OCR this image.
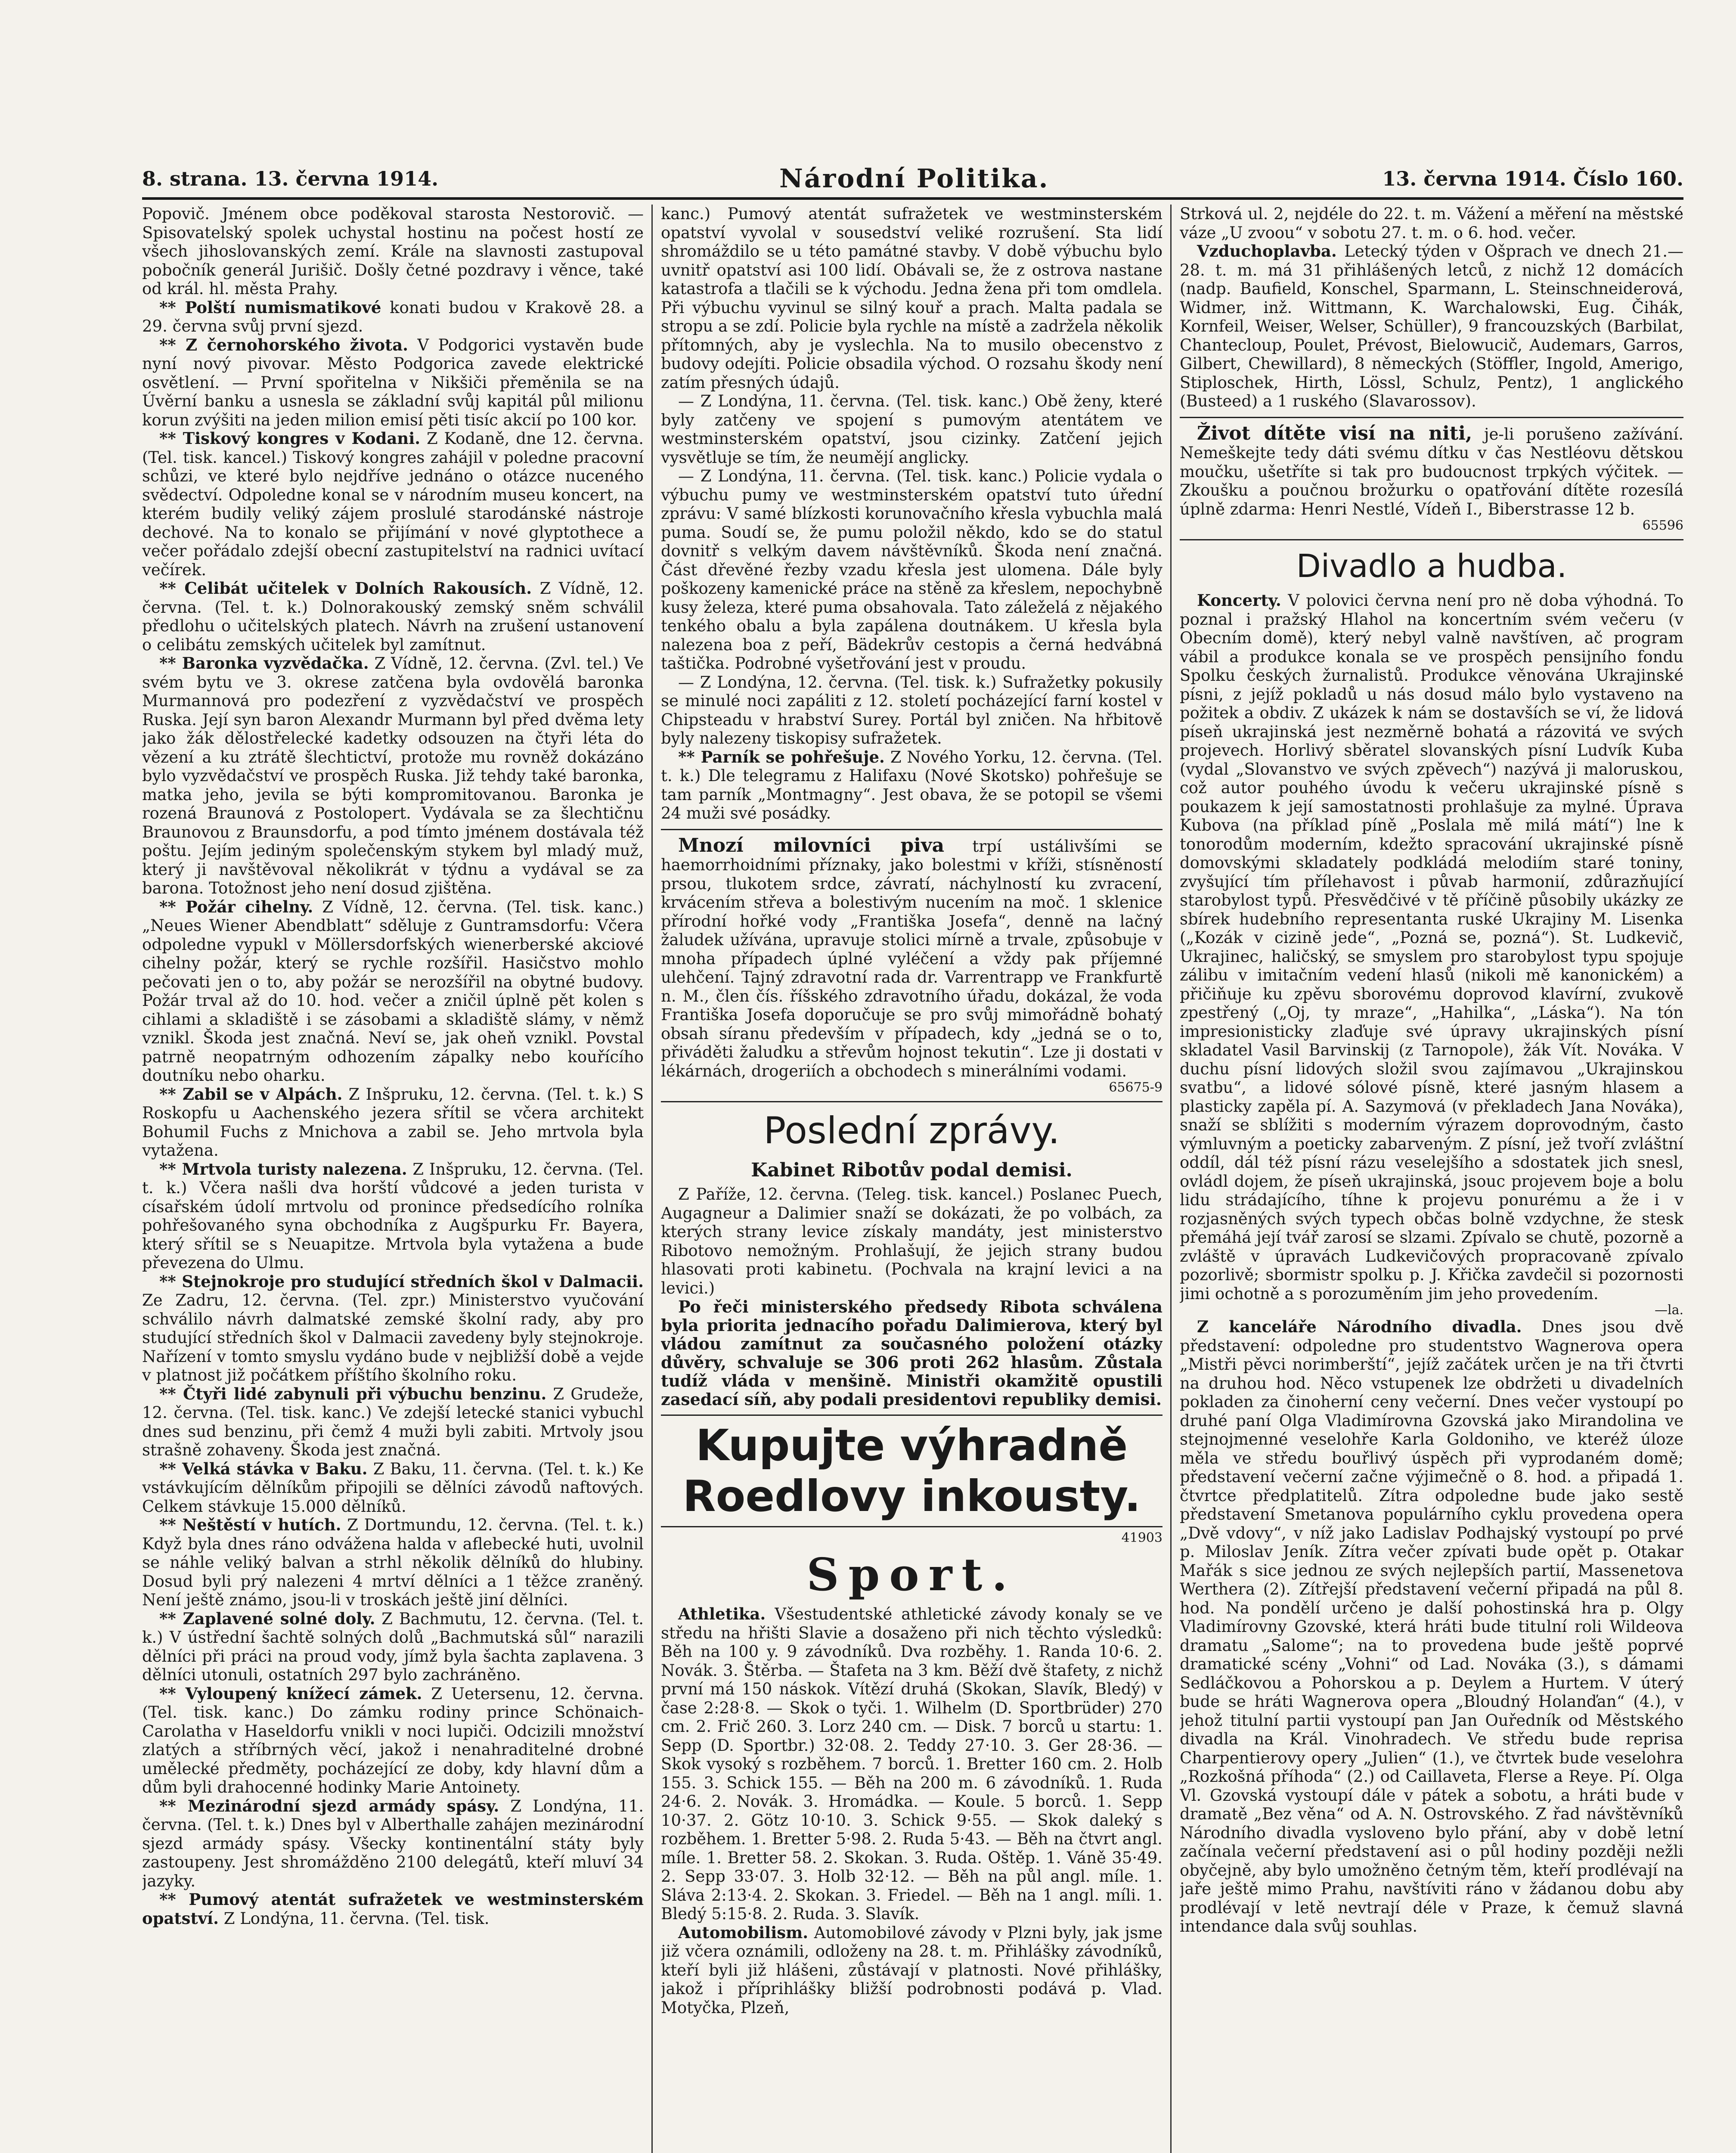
8. strana. 13. června 1914.	Národní Politika.	13. června 1914. Číslo 160.

Popovič. Jménem obce poděkoval starosta Nestorovič. — Spisovatelský spolek uchystal hostinu na počest hostí ze všech jihoslovanských zemí. Krále na slavnosti zastupoval pobočník generál Jurišič. Došly četné pozdravy i věnce, také od král. hl. města Prahy.

** Polští numismatikové konati budou v Krakově 28. a 29. června svůj první sjezd.

** Z černohorského života. V Podgorici vystavěn bude nyní nový pivovar. Město Podgorica zavede elektrické osvětlení. — První spořitelna v Nikšiči přeměnila se na Úvěrní banku a usnesla se základní svůj kapitál půl milionu korun zvýšiti na jeden milion emisí pěti tisíc akcií po 100 kor.

** Tiskový kongres v Kodani. Z Kodaně, dne 12. června. (Tel. tisk. kancel.) Tiskový kongres zahájil v poledne pracovní schůzi, ve které bylo nejdříve jednáno o otázce nuceného svědectví. Odpoledne konal se v národním museu koncert, na kterém budily veliký zájem proslulé starodánské nástroje dechové. Na to konalo se přijímání v nové glyptothece a večer pořádalo zdejší obecní zastupitelství na radnici uvítací večírek.

** Celibát učitelek v Dolních Rakousích. Z Vídně, 12. června. (Tel. t. k.) Dolnorakouský zemský sněm schválil předlohu o učitelských platech. Návrh na zrušení ustanovení o celibátu zemských učitelek byl zamítnut.

** Baronka vyzvědačka. Z Vídně, 12. června. (Zvl. tel.) Ve svém bytu ve 3. okrese zatčena byla ovdovělá baronka Murmannová pro podezření z vyzvědačství ve prospěch Ruska. Její syn baron Alexandr Murmann byl před dvěma lety jako žák dělostřelecké kadetky odsouzen na čtyři léta do vězení a ku ztrátě šlechtictví, protože mu rovněž dokázáno bylo vyzvědačství ve prospěch Ruska. Již tehdy také baronka, matka jeho, jevila se býti kompromitovanou. Baronka je rozená Braunová z Postolopert. Vydávala se za šlechtičnu Braunovou z Braunsdorfu, a pod tímto jménem dostávala též poštu. Jejím jediným společenským stykem byl mladý muž, který ji navštěvoval několikrát v týdnu a vydával se za barona. Totožnost jeho není dosud zjištěna.

** Požár cihelny. Z Vídně, 12. června. (Tel. tisk. kanc.) „Neues Wiener Abendblatt“ sděluje z Guntramsdorfu: Včera odpoledne vypukl v Möllersdorfských wienerberské akciové cihelny požár, který se rychle rozšířil. Hasičstvo mohlo pečovati jen o to, aby požár se nerozšířil na obytné budovy. Požár trval až do 10. hod. večer a zničil úplně pět kolen s cihlami a skladiště i se zásobami a skladiště slámy, v němž vznikl. Škoda jest značná. Neví se, jak oheň vznikl. Povstal patrně neopatrným odhozením zápalky nebo kouřícího doutníku nebo oharku.

** Zabil se v Alpách. Z Inšpruku, 12. června. (Tel. t. k.) S Roskopfu u Aachenského jezera sřítil se včera architekt Bohumil Fuchs z Mnichova a zabil se. Jeho mrtvola byla vytažena.

** Mrtvola turisty nalezena. Z Inšpruku, 12. června. (Tel. t. k.) Včera našli dva horští vůdcové a jeden turista v císařském údolí mrtvolu od pronince předsedícího rolníka pohřešovaného syna obchodníka z Augšpurku Fr. Bayera, který sřítil se s Neuapitze. Mrtvola byla vytažena a bude převezena do Ulmu.

** Stejnokroje pro studující středních škol v Dalmacii. Ze Zadru, 12. června. (Tel. zpr.) Ministerstvo vyučování schválilo návrh dalmatské zemské školní rady, aby pro studující středních škol v Dalmacii zavedeny byly stejnokroje. Nařízení v tomto smyslu vydáno bude v nejbližší době a vejde v platnost již počátkem příštího školního roku.

** Čtyři lidé zabynuli při výbuchu benzinu. Z Grudeže, 12. června. (Tel. tisk. kanc.) Ve zdejší letecké stanici vybuchl dnes sud benzinu, při čemž 4 muži byli zabiti. Mrtvoly jsou strašně zohaveny. Škoda jest značná.

** Velká stávka v Baku. Z Baku, 11. června. (Tel. t. k.) Ke vstávkujícím dělníkům připojili se dělníci závodů naftových. Celkem stávkuje 15.000 dělníků.

** Neštěstí v hutích. Z Dortmundu, 12. června. (Tel. t. k.) Když byla dnes ráno odvážena halda v aflebecké huti, uvolnil se náhle veliký balvan a strhl několik dělníků do hlubiny. Dosud byli prý nalezeni 4 mrtví dělníci a 1 těžce zraněný. Není ještě známo, jsou-li v troskách ještě jiní dělníci.

** Zaplavené solné doly. Z Bachmutu, 12. června. (Tel. t. k.) V ústřední šachtě solných dolů „Bachmutská sůl“ narazili dělníci při práci na proud vody, jímž byla šachta zaplavena. 3 dělníci utonuli, ostatních 297 bylo zachráněno.

** Vyloupený knížecí zámek. Z Uetersenu, 12. června. (Tel. tisk. kanc.) Do zámku rodiny prince Schönaich-Carolatha v Haseldorfu vnikli v noci lupiči. Odcizili množství zlatých a stříbrných věcí, jakož i nenahraditelné drobné umělecké předměty, pocházející ze doby, kdy hlavní dům a dům byli drahocenné hodinky Marie Antoinety.

** Mezinárodní sjezd armády spásy. Z Londýna, 11. června. (Tel. t. k.) Dnes byl v Alberthalle zahájen mezinárodní sjezd armády spásy. Všecky kontinentální státy byly zastoupeny. Jest shromážděno 2100 delegátů, kteří mluví 34 jazyky.

** Pumový atentát sufražetek ve westminsterském opatství. Z Londýna, 11. června. (Tel. tisk.

kanc.) Pumový atentát sufražetek ve westminsterském opatství vyvolal v sousedství veliké rozrušení. Sta lidí shromáždilo se u této památné stavby. V době výbuchu bylo uvnitř opatství asi 100 lidí. Obávali se, že z ostrova nastane katastrofa a tlačili se k východu. Jedna žena při tom omdlela. Při výbuchu vyvinul se silný kouř a prach. Malta padala se stropu a se zdí. Policie byla rychle na místě a zadržela několik přítomných, aby je vyslechla. Na to musilo obecenstvo z budovy odejíti. Policie obsadila východ. O rozsahu škody není zatím přesných údajů.

— Z Londýna, 11. června. (Tel. tisk. kanc.) Obě ženy, které byly zatčeny ve spojení s pumovým atentátem ve westminsterském opatství, jsou cizinky. Zatčení jejich vysvětluje se tím, že neumějí anglicky.

— Z Londýna, 11. června. (Tel. tisk. kanc.) Policie vydala o výbuchu pumy ve westminsterském opatství tuto úřední zprávu: V samé blízkosti korunovačního křesla vybuchla malá puma. Soudí se, že pumu položil někdo, kdo se do statul dovnitř s velkým davem návštěvníků. Škoda není značná. Část dřevěné řezby vzadu křesla jest ulomena. Dále byly poškozeny kamenické práce na stěně za křeslem, nepochybně kusy železa, které puma obsahovala. Tato záleželá z nějakého tenkého obalu a byla zapálena doutnákem. U křesla byla nalezena boa z peří, Bädekrův cestopis a černá hedvábná taštička. Podrobné vyšetřování jest v proudu.

— Z Londýna, 12. června. (Tel. tisk. k.) Sufražetky pokusily se minulé noci zapáliti z 12. století pocházející farní kostel v Chipsteadu v hrabství Surey. Portál byl zničen. Na hřbitově byly nalezeny tiskopisy sufražetek.

** Parník se pohřešuje. Z Nového Yorku, 12. června. (Tel. t. k.) Dle telegramu z Halifaxu (Nové Skotsko) pohřešuje se tam parník „Montmagny“. Jest obava, že se potopil se všemi 24 muži své posádky.

Mnozí milovníci piva trpí ustálivšími se haemorrhoidními příznaky, jako bolestmi v kříži, stísněností prsou, tlukotem srdce, závratí, náchylností ku zvracení, krvácením střeva a bolestivým nucením na moč. 1 sklenice přírodní hořké vody „Františka Josefa“, denně na lačný žaludek užívána, upravuje stolici mírně a trvale, způsobuje v mnoha případech úplné vyléčení a vždy pak příjemné ulehčení. Tajný zdravotní rada dr. Varrentrapp ve Frankfurtě n. M., člen čís. říšského zdravotního úřadu, dokázal, že voda Františka Josefa doporučuje se pro svůj mimořádně bohatý obsah síranu především v případech, kdy „jedná se o to, přiváděti žaludku a střevům hojnost tekutin“. Lze ji dostati v lékárnách, drogeriích a obchodech s minerálními vodami.

65675-9
Poslední zprávy.
Kabinet Ribotův podal demisi.

Z Paříže, 12. června. (Teleg. tisk. kancel.) Poslanec Puech, Augagneur a Dalimier snaží se dokázati, že po volbách, za kterých strany levice získaly mandáty, jest ministerstvo Ribotovo nemožným. Prohlašují, že jejich strany budou hlasovati proti kabinetu. (Pochvala na krajní levici a na levici.)

Po řeči ministerského předsedy Ribota schválena byla priorita jednacího pořadu Dalimierova, který byl vládou zamítnut za současného položení otázky důvěry, schvaluje se 306 proti 262 hlasům. Zůstala tudíž vláda v menšině. Ministři okamžitě opustili zasedací síň, aby podali presidentovi republiky demisi.

Kupujte výhradně
Roedlovy inkousty.
41903
Sport.

Athletika. Všestudentské athletické závody konaly se ve středu na hřišti Slavie a dosaženo při nich těchto výsledků: Běh na 100 y. 9 závodníků. Dva rozběhy. 1. Randa 10·6. 2. Novák. 3. Štěrba. — Štafeta na 3 km. Běží dvě štafety, z nichž první má 150 náskok. Vítězí druhá (Skokan, Slavík, Bledý) v čase 2:28·8. — Skok o tyči. 1. Wilhelm (D. Sportbrüder) 270 cm. 2. Frič 260. 3. Lorz 240 cm. — Disk. 7 borců u startu: 1. Sepp (D. Sportbr.) 32·08. 2. Teddy 27·10. 3. Ger 28·36. — Skok vysoký s rozběhem. 7 borců. 1. Bretter 160 cm. 2. Holb 155. 3. Schick 155. — Běh na 200 m. 6 závodníků. 1. Ruda 24·6. 2. Novák. 3. Hromádka. — Koule. 5 borců. 1. Sepp 10·37. 2. Götz 10·10. 3. Schick 9·55. — Skok daleký s rozběhem. 1. Bretter 5·98. 2. Ruda 5·43. — Běh na čtvrt angl. míle. 1. Bretter 58. 2. Skokan. 3. Ruda. Oštěp. 1. Váně 35·49. 2. Sepp 33·07. 3. Holb 32·12. — Běh na půl angl. míle. 1. Slávа 2:13·4. 2. Skokan. 3. Friedel. — Běh na 1 angl. míli. 1. Bledý 5:15·8. 2. Ruda. 3. Slavík.

Automobilism. Automobilové závody v Plzni byly, jak jsme již včera oznámili, odloženy na 28. t. m. Přihlášky závodníků, kteří byli již hlášeni, zůstávají v platnosti. Nové přihlášky, jakož i příprihlášky bližší podrobnosti podává p. Vlad. Motyčka, Plzeň,

Strková ul. 2, nejdéle do 22. t. m. Vážení a měření na městské váze „U zvoou“ v sobotu 27. t. m. o 6. hod. večer.

Vzduchoplavba. Letecký týden v Ošprach ve dnech 21.—28. t. m. má 31 přihlášených letců, z nichž 12 domácích (nadp. Baufield, Konschel, Sparmann, L. Steinschneiderová, Widmer, inž. Wittmann, K. Warchalowski, Eug. Čihák, Kornfeil, Weiser, Welser, Schüller), 9 francouzských (Barbilat, Chantecloup, Poulet, Prévost, Bielowucič, Audemars, Garros, Gilbert, Chewillard), 8 německých (Stöffler, Ingold, Amerigo, Stiploschek, Hirth, Lössl, Schulz, Pentz), 1 anglického (Busteed) a 1 ruského (Slavarossov).

Život dítěte visí na niti, je-li porušeno zažívání. Nemeškejte tedy dáti svému dítku v čas Nestléovu dětskou moučku, ušetříte si tak pro budoucnost trpkých výčitek. — Zkoušku a poučnou brožurku o opatřování dítěte rozesílá úplně zdarma: Henri Nestlé, Vídeň I., Biberstrasse 12 b.

65596
Divadlo a hudba.

Koncerty. V polovici června není pro ně doba výhodná. To poznal i pražský Hlahol na koncertním svém večeru (v Obecním domě), který nebyl valně navštíven, ač program vábil a produkce konala se ve prospěch pensijního fondu Spolku českých žurnalistů. Produkce věnována Ukrajinské písni, z jejíž pokladů u nás dosud málo bylo vystaveno na požitek a obdiv. Z ukázek k nám se dostavších se ví, že lidová píseň ukrajinská jest nezměrně bohatá a rázovitá ve svých projevech. Horlivý sběratel slovanských písní Ludvík Kuba (vydal „Slovanstvo ve svých zpěvech“) nazývá ji maloruskou, což autor pouhého úvodu k večeru ukrajinské písně s poukazem k její samostatnosti prohlašuje za mylné. Úprava Kubova (na příklad píně „Poslala mě milá mátí“) lne k tonorodům moderním, kdežto spracování ukrajinské písně domovskými skladately podkládá melodiím staré toniny, zvyšující tím přílehavost i půvab harmonií, zdůrazňující starobylost typů. Přesvědčivé v tě příčině působily ukázky ze sbírek hudebního representanta ruské Ukrajiny M. Lisenka („Kozák v cizině jede“, „Pozná se, pozná“). St. Ludkevič, Ukrajinec, haličský, se smyslem pro starobylost typu spojuje zálibu v imitačním vedení hlasů (nikoli mě kanonickém) a přičiňuje ku zpěvu sborovému doprovod klavírní, zvukově zpestřený („Oj, ty mraze“, „Hahilka“, „Láska“). Na tón impresionisticky zlaďuje své úpravy ukrajinských písní skladatel Vasil Barvinskij (z Tarnopole), žák Vít. Nováka. V duchu písní lidových složil svou zajímavou „Ukrajinskou svatbu“, a lidové sólové písně, které jasným hlasem a plasticky zapěla pí. A. Sazymová (v překladech Jana Nováka), snaží se sblížiti s moderním výrazem doprovodným, často výmluvným a poeticky zabarveným. Z písní, jež tvoří zvláštní oddíl, dál též písní rázu veselejšího a sdostatek jich snesl, ovládl dojem, že píseň ukrajinská, jsouc projevem boje a bolu lidu strádajícího, tíhne k projevu ponurému a že i v rozjasněných svých typech občas bolně vzdychne, že stesk přemáhá její tvář zarosí se slzami. Zpívalo se chutě, pozorně a zvláště v úpravách Ludkevičových propracovaně zpívalo pozorlivě; sbormistr spolku p. J. Křička zavdečil si pozornosti jimi ochotně a s porozuměním jim jeho provedením.

—la.

Z kanceláře Národního divadla. Dnes jsou dvě představení: odpoledne pro studentstvo Wagnerova opera „Mistři pěvci norimberští“, jejíž začátek určen je na tři čtvrti na druhou hod. Něco vstupenek lze obdržeti u divadelních pokladen za činoherní ceny večerní. Dnes večer vystoupí po druhé paní Olga Vladimírovna Gzovská jako Mirandolina ve stejnojmenné veselohře Karla Goldoniho, ve kteréž úloze měla ve středu bouřlivý úspěch při vyprodaném domě; představení večerní začne výjimečně o 8. hod. a připadá 1. čtvrtce předplatitelů. Zítra odpoledne bude jako sestě představení Smetanova populárního cyklu provedena opera „Dvě vdovy“, v níž jako Ladislav Podhajský vystoupí po prvé p. Miloslav Jeník. Zítra večer zpívati bude opět p. Otakar Mařák s sice jednou ze svých nejlepších partií, Massenetova Werthera (2). Zítřejší představení večerní připadá na půl 8. hod. Na pondělí určeno je další pohostinská hra p. Olgy Vladimírovny Gzovské, která hráti bude titulní roli Wildeova dramatu „Salome“; na to provedena bude ještě poprvé dramatické scény „Vohni“ od Lad. Nováka (3.), s dámami Sedláčkovou a Pohorskou a p. Deylem a Hurtem. V úterý bude se hráti Wagnerova opera „Bloudný Holanďan“ (4.), v jehož titulní partii vystoupí pan Jan Ouředník od Městského divadla na Král. Vinohradech. Ve středu bude reprisa Charpentierovy opery „Julien“ (1.), ve čtvrtek bude veselohra „Rozkošná příhoda“ (2.) od Caillaveta, Flerse a Reye. Pí. Olga Vl. Gzovská vystoupí dále v pátek a sobotu, a hráti bude v dramatě „Bez věna“ od A. N. Ostrovského. Z řad návštěvníků Národního divadla vysloveno bylo přání, aby v době letní začínala večerní představení asi o půl hodiny později nežli obyčejně, aby bylo umožněno četným těm, kteří prodlévají na jaře ještě mimo Prahu, navštíviti ráno v žádanou dobu aby prodlévají v letě nevtrají déle v Praze, k čemuž slavná intendance dala svůj souhlas.
